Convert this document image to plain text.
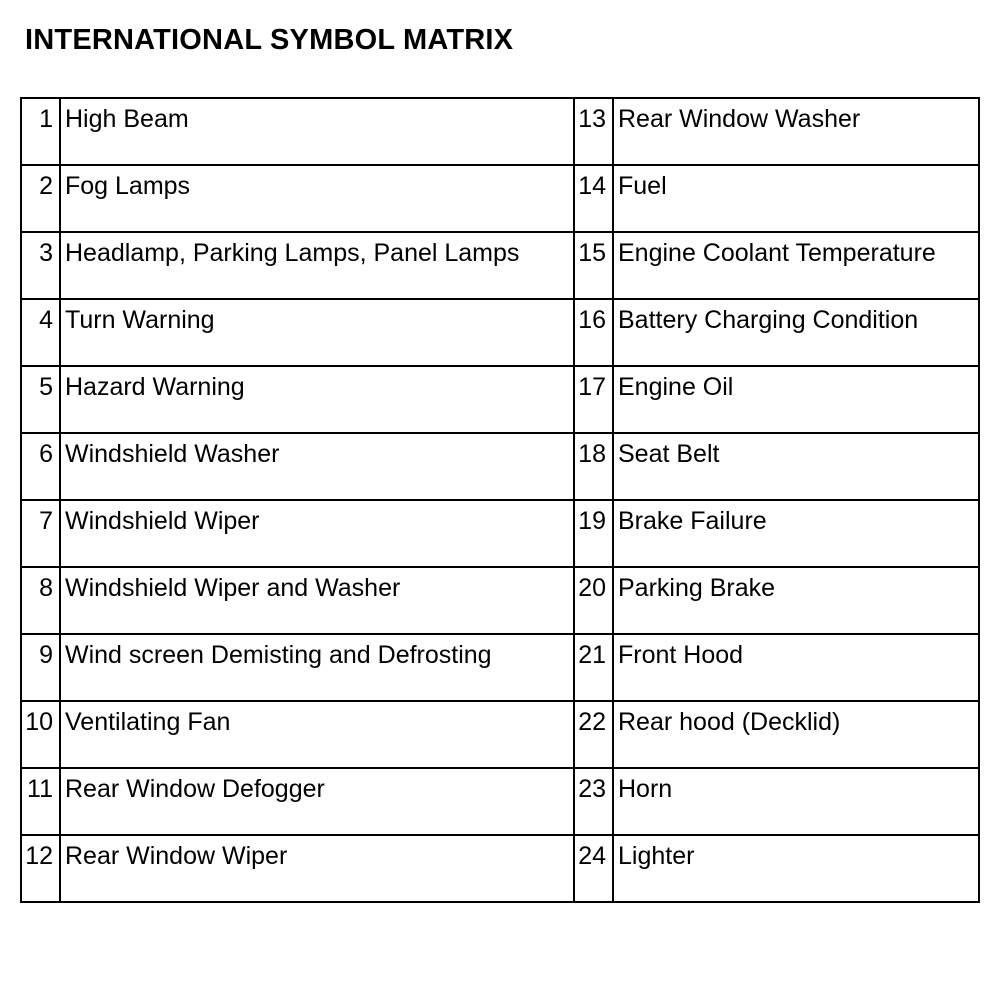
INTERNATIONAL SYMBOL MATRIX
1	High Beam	13	Rear Window Washer
2	Fog Lamps	14	Fuel
3	Headlamp, Parking Lamps, Panel Lamps	15	Engine Coolant Temperature
4	Turn Warning	16	Battery Charging Condition
5	Hazard Warning	17	Engine Oil
6	Windshield Washer	18	Seat Belt
7	Windshield Wiper	19	Brake Failure
8	Windshield Wiper and Washer	20	Parking Brake
9	Wind screen Demisting and Defrosting	21	Front Hood
10	Ventilating Fan	22	Rear hood (Decklid)
11	Rear Window Defogger	23	Horn
12	Rear Window Wiper	24	Lighter
